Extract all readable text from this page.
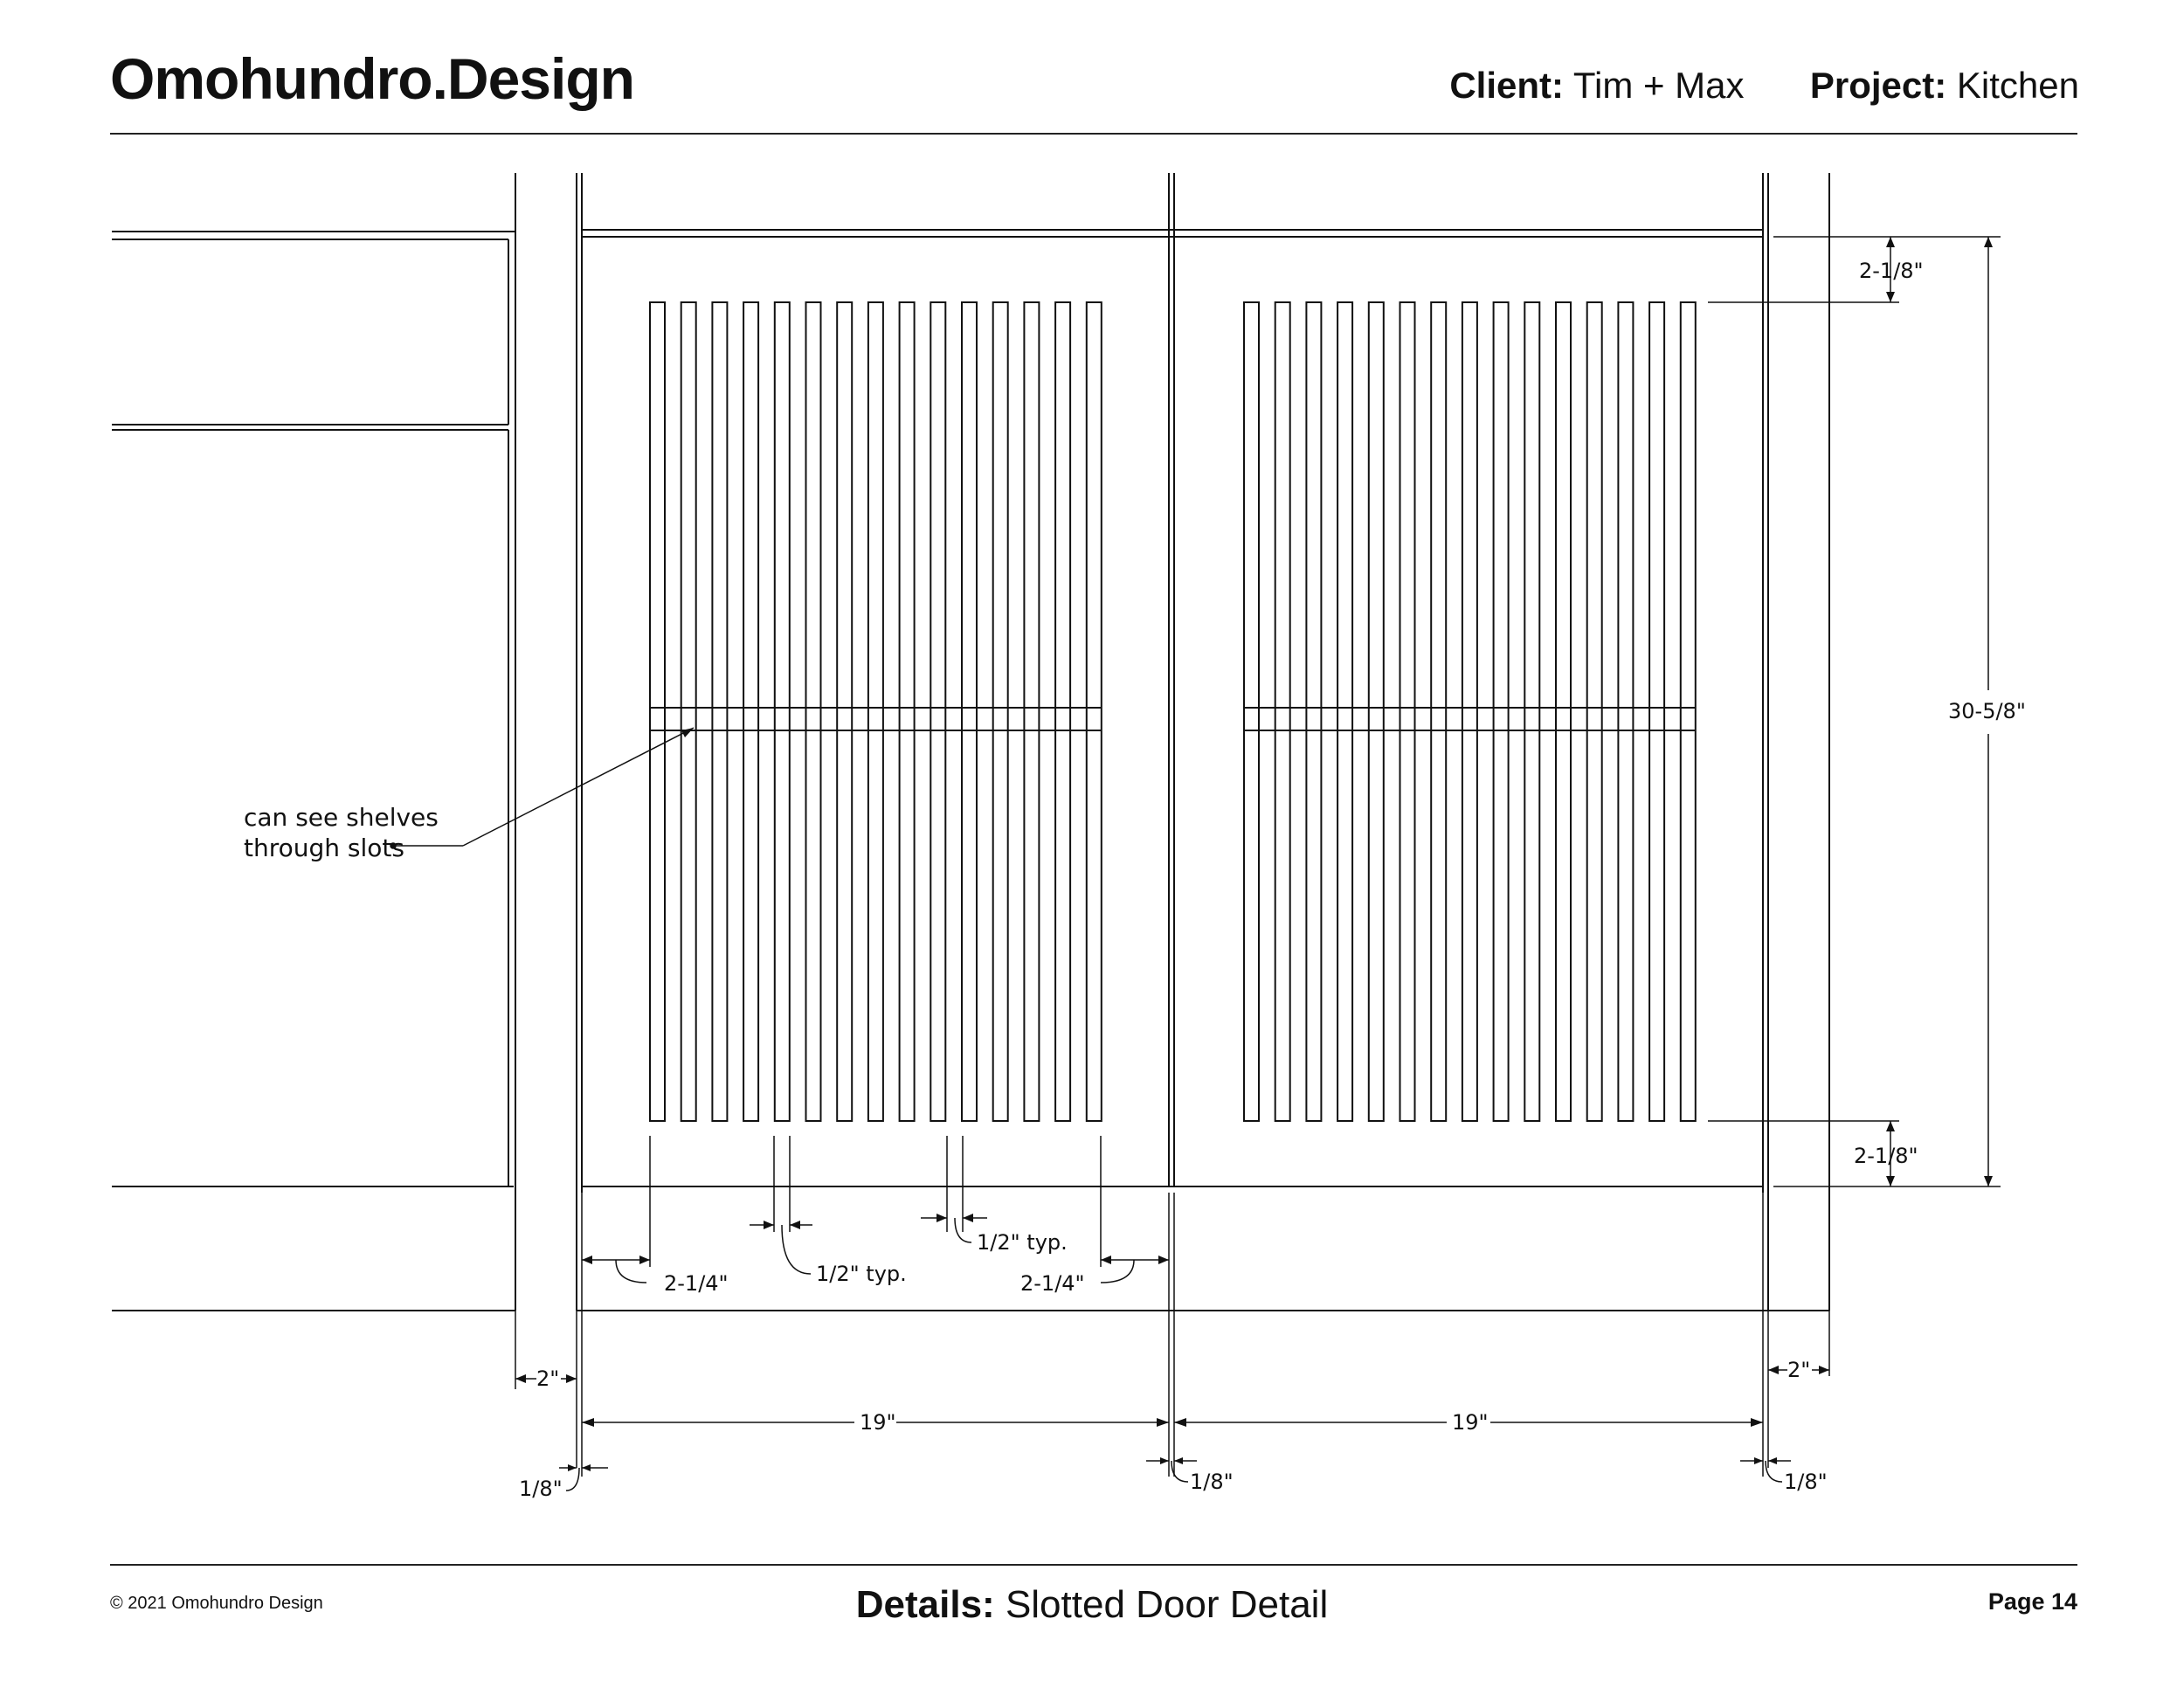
Omohundro.Design	Client: Tim + Max Project: Kitchen
can see shelves
through slots
2-1/8"
30-5/8"
2-1/8"
2-1/4"	1/2" typ.
1/2" typ.
2-1/4"
2"	2"
19"	19"
1/8"	1/8"	1/8"
© 2021 Omohundro Design	Details: Slotted Door Detail	Page 14
